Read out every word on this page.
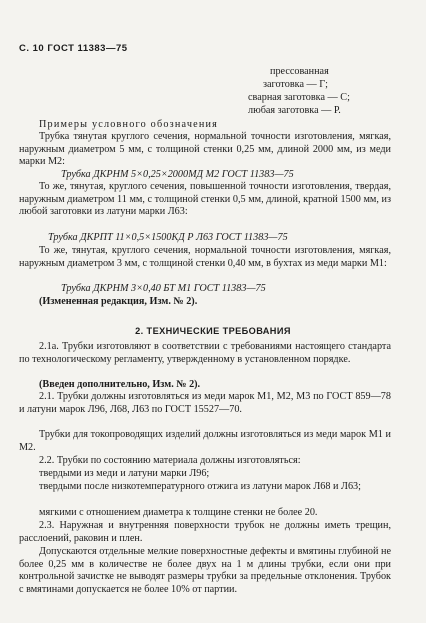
С. 10 ГОСТ 11383—75
прессованная
заготовка — Г;
сварная заготовка — С;
любая заготовка — Р.
Примеры условного обозначения
Трубка тянутая круглого сечения, нормальной точности изготовления, мягкая, наружным диаметром 5 мм, с толщиной стенки 0,25 мм, длиной 2000 мм, из меди марки М2:
Трубка ДКРНМ 5×0,25×2000МД М2 ГОСТ 11383—75
То же, тянутая, круглого сечения, повышенной точности изготовления, твердая, наружным диаметром 11 мм, с толщиной стенки 0,5 мм, длиной, кратной 1500 мм, из любой заготовки из латуни марки Л63:
Трубка ДКРПТ 11×0,5×1500КД Р Л63 ГОСТ 11383—75
То же, тянутая, круглого сечения, нормальной точности изготовления, мягкая, наружным диаметром 3 мм, с толщиной стенки 0,40 мм, в бухтах из меди марки М1:
Трубка ДКРНМ 3×0,40 БТ М1 ГОСТ 11383—75
(Измененная редакция, Изм. № 2).
2. ТЕХНИЧЕСКИЕ ТРЕБОВАНИЯ
2.1а. Трубки изготовляют в соответствии с требованиями настоящего стандарта по технологическому регламенту, утвержденному в установленном порядке.
(Введен дополнительно, Изм. № 2).
2.1. Трубки должны изготовляться из меди марок М1, М2, М3 по ГОСТ 859—78 и латуни марок Л96, Л68, Л63 по ГОСТ 15527—70.
Трубки для токопроводящих изделий должны изготовляться из меди марок М1 и М2.
2.2. Трубки по состоянию материала должны изготовляться:
твердыми из меди и латуни марки Л96;
твердыми после низкотемпературного отжига из латуни марок Л68 и Л63;
мягкими с отношением диаметра к толщине стенки не более 20.
2.3. Наружная и внутренняя поверхности трубок не должны иметь трещин, расслоений, раковин и плен.
Допускаются отдельные мелкие поверхностные дефекты и вмятины глубиной не более 0,25 мм в количестве не более двух на 1 м длины трубки, если они при контрольной зачистке не выводят размеры трубки за предельные отклонения. Трубок с вмятинами допускается не более 10% от партии.
